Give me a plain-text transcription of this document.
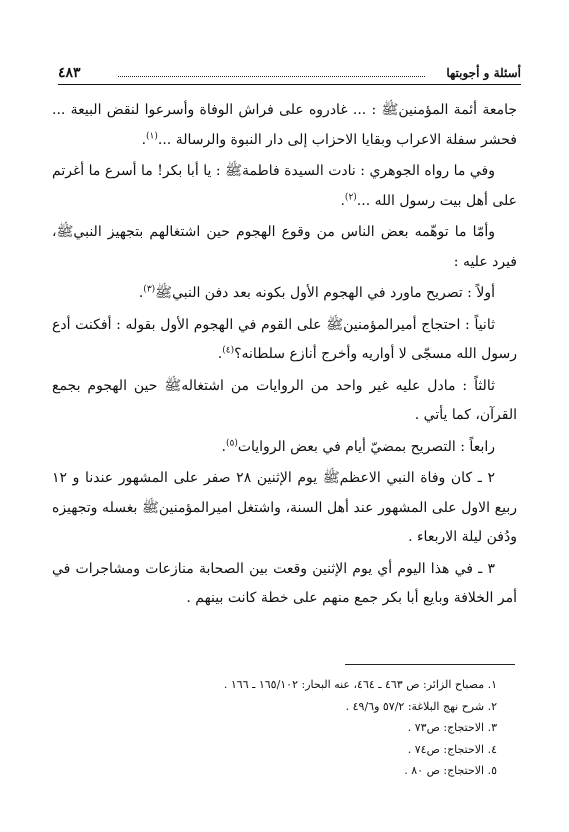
أسئلة و أجوبتها
٤٨٣

جامعة أئمة المؤمنينﷺ : ... غادروه على فراش الوفاة وأسرعوا لنقض البيعة ... فحشر سفلة الاعراب وبقايا الاحزاب إلى دار النبوة والرسالة ...$^{(١)}$.

وفي ما رواه الجوهري : نادت السيدة فاطمةﷺ : يا أبا بكر! ما أسرع ما أغرتم على أهل بيت رسول الله ...$^{(٢)}$.

وأمّا ما توهّمه بعض الناس من وقوع الهجوم حين اشتغالهم بتجهيز النبيﷺ، فيرد عليه :

أولاً : تصريح ماورد في الهجوم الأول بكونه بعد دفن النبيﷺ$^{(٣)}$.

ثانياً : احتجاج أميرالمؤمنينﷺ على القوم في الهجوم الأول بقوله : أفكنت أدع رسول الله مسجّى لا أواريه وأخرج أنازع سلطانه؟$^{(٤)}$.

ثالثاً : مادل عليه غير واحد من الروايات من اشتغالهﷺ حين الهجوم بجمع القرآن، كما يأتي .

رابعاً : التصريح بمضيّ أيام في بعض الروايات$^{(٥)}$.

٢ ـ كان وفاة النبي الاعظمﷺ يوم الإثنين ٢٨ صفر على المشهور عندنا و ١٢ ربيع الاول على المشهور عند أهل السنة، واشتغل اميرالمؤمنينﷺ بغسله وتجهيزه ودُفن ليلة الاربعاء .

٣ ـ في هذا اليوم أي يوم الإثنين وقعت بين الصحابة منازعات ومشاجرات في أمر الخلافة وبايع أبا بكر جمع منهم على خطة كانت بينهم .

١. مصباح الزائر: ص ٤٦٣ ـ ٤٦٤، عنه البحار: ١٦٥/١٠٢ ـ ١٦٦ .
٢. شرح نهج البلاغة: ٥٧/٢ و٤٩/٦ .
٣. الاحتجاج: ص٧٣ .
٤. الاحتجاج: ص٧٤ .
٥. الاحتجاج: ص ٨٠ .
